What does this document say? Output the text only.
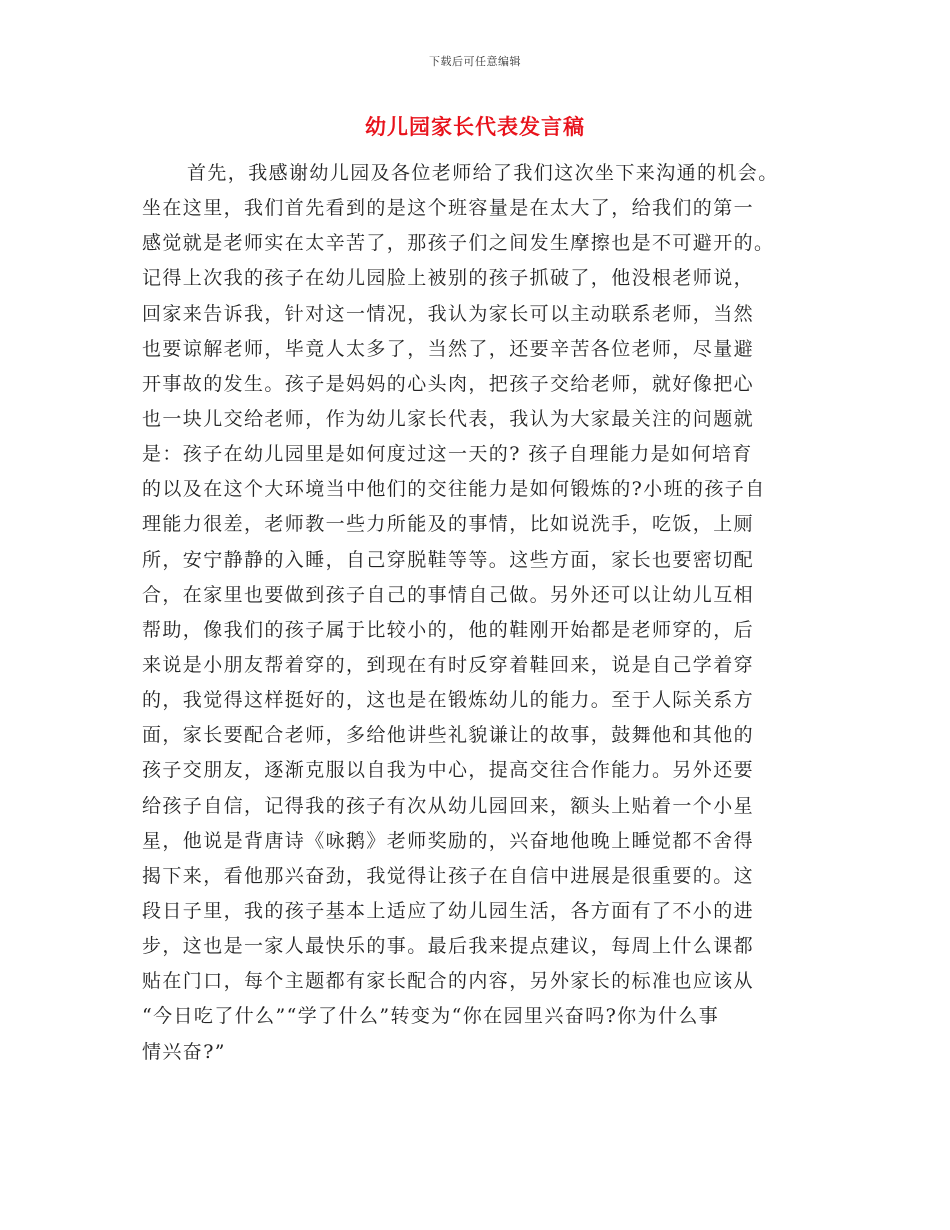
下载后可任意编辑
幼儿园家长代表发言稿
首先，我感谢幼儿园及各位老师给了我们这次坐下来沟通的机会。
坐在这里，我们首先看到的是这个班容量是在太大了，给我们的第一
感觉就是老师实在太辛苦了，那孩子们之间发生摩擦也是不可避开的。
记得上次我的孩子在幼儿园脸上被别的孩子抓破了，他没根老师说，
回家来告诉我，针对这一情况，我认为家长可以主动联系老师，当然
也要谅解老师，毕竟人太多了，当然了，还要辛苦各位老师，尽量避
开事故的发生。孩子是妈妈的心头肉，把孩子交给老师，就好像把心
也一块儿交给老师，作为幼儿家长代表，我认为大家最关注的问题就
是：孩子在幼儿园里是如何度过这一天的? 孩子自理能力是如何培育
的以及在这个大环境当中他们的交往能力是如何锻炼的?小班的孩子自
理能力很差，老师教一些力所能及的事情，比如说洗手，吃饭，上厕
所，安宁静静的入睡，自己穿脱鞋等等。这些方面，家长也要密切配
合，在家里也要做到孩子自己的事情自己做。另外还可以让幼儿互相
帮助，像我们的孩子属于比较小的，他的鞋刚开始都是老师穿的，后
来说是小朋友帮着穿的，到现在有时反穿着鞋回来，说是自己学着穿
的，我觉得这样挺好的，这也是在锻炼幼儿的能力。至于人际关系方
面，家长要配合老师，多给他讲些礼貌谦让的故事，鼓舞他和其他的
孩子交朋友，逐渐克服以自我为中心，提高交往合作能力。另外还要
给孩子自信，记得我的孩子有次从幼儿园回来，额头上贴着一个小星
星，他说是背唐诗《咏鹅》老师奖励的，兴奋地他晚上睡觉都不舍得
揭下来，看他那兴奋劲，我觉得让孩子在自信中进展是很重要的。这
段日子里，我的孩子基本上适应了幼儿园生活，各方面有了不小的进
步，这也是一家人最快乐的事。最后我来提点建议，每周上什么课都
贴在门口，每个主题都有家长配合的内容，另外家长的标准也应该从
“今日吃了什么”“学了什么”转变为“你在园里兴奋吗?你为什么事
情兴奋?”
